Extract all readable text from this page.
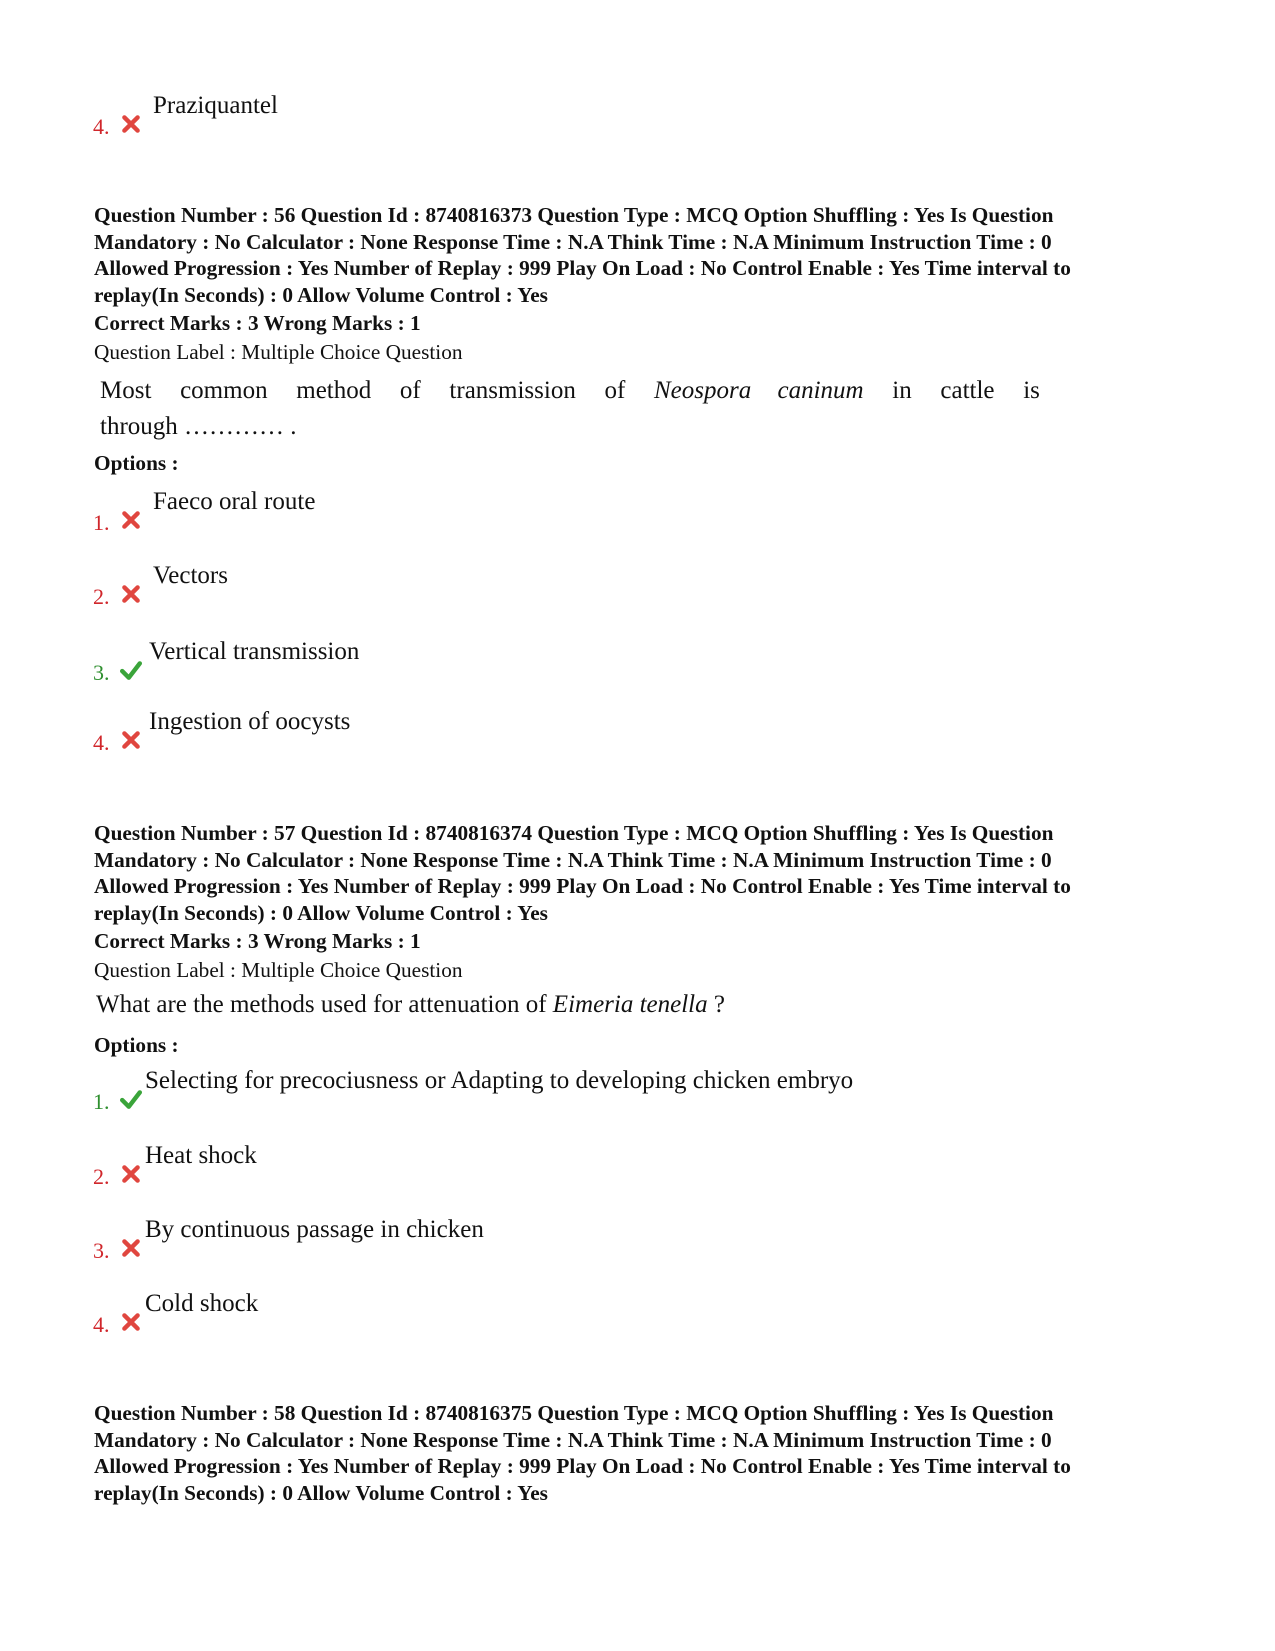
4.
Praziquantel
Question Number : 56 Question Id : 8740816373 Question Type : MCQ Option Shuffling : Yes Is Question
Mandatory : No Calculator : None Response Time : N.A Think Time : N.A Minimum Instruction Time : 0
Allowed Progression : Yes Number of Replay : 999 Play On Load : No Control Enable : Yes Time interval to
replay(In Seconds) : 0 Allow Volume Control : Yes
Correct Marks : 3 Wrong Marks : 1
Question Label : Multiple Choice Question
Most common method of transmission of Neospora caninum in cattle is
through ………… .
Options :
1.
Faeco oral route
2.
Vectors
3.
Vertical transmission
4.
Ingestion of oocysts
Question Number : 57 Question Id : 8740816374 Question Type : MCQ Option Shuffling : Yes Is Question
Mandatory : No Calculator : None Response Time : N.A Think Time : N.A Minimum Instruction Time : 0
Allowed Progression : Yes Number of Replay : 999 Play On Load : No Control Enable : Yes Time interval to
replay(In Seconds) : 0 Allow Volume Control : Yes
Correct Marks : 3 Wrong Marks : 1
Question Label : Multiple Choice Question
What are the methods used for attenuation of Eimeria tenella ?
Options :
1.
Selecting for precociusness or Adapting to developing chicken embryo
2.
Heat shock
3.
By continuous passage in chicken
4.
Cold shock
Question Number : 58 Question Id : 8740816375 Question Type : MCQ Option Shuffling : Yes Is Question
Mandatory : No Calculator : None Response Time : N.A Think Time : N.A Minimum Instruction Time : 0
Allowed Progression : Yes Number of Replay : 999 Play On Load : No Control Enable : Yes Time interval to
replay(In Seconds) : 0 Allow Volume Control : Yes
